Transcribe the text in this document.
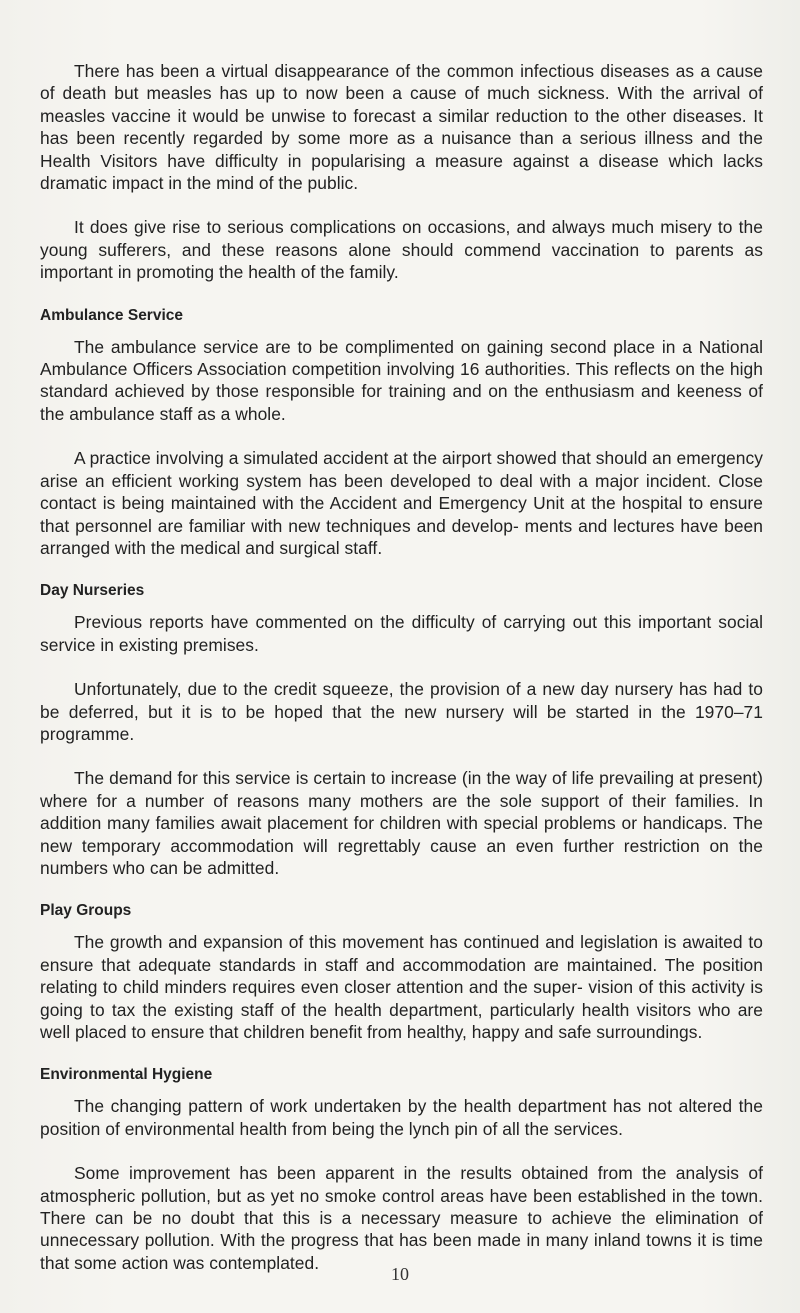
There has been a virtual disappearance of the common infectious diseases as a cause of death but measles has up to now been a cause of much sickness. With the arrival of measles vaccine it would be unwise to forecast a similar reduction to the other diseases. It has been recently regarded by some more as a nuisance than a serious illness and the Health Visitors have difficulty in popularising a measure against a disease which lacks dramatic impact in the mind of the public.

It does give rise to serious complications on occasions, and always much misery to the young sufferers, and these reasons alone should commend vaccination to parents as important in promoting the health of the family.

Ambulance Service

The ambulance service are to be complimented on gaining second place in a National Ambulance Officers Association competition involving 16 authorities. This reflects on the high standard achieved by those responsible for training and on the enthusiasm and keeness of the ambulance staff as a whole.

A practice involving a simulated accident at the airport showed that should an emergency arise an efficient working system has been developed to deal with a major incident. Close contact is being maintained with the Accident and Emergency Unit at the hospital to ensure that personnel are familiar with new techniques and develop- ments and lectures have been arranged with the medical and surgical staff.

Day Nurseries

Previous reports have commented on the difficulty of carrying out this important social service in existing premises.

Unfortunately, due to the credit squeeze, the provision of a new day nursery has had to be deferred, but it is to be hoped that the new nursery will be started in the 1970–71 programme.

The demand for this service is certain to increase (in the way of life prevailing at present) where for a number of reasons many mothers are the sole support of their families. In addition many families await placement for children with special problems or handicaps. The new temporary accommodation will regrettably cause an even further restriction on the numbers who can be admitted.

Play Groups

The growth and expansion of this movement has continued and legislation is awaited to ensure that adequate standards in staff and accommodation are maintained. The position relating to child minders requires even closer attention and the super- vision of this activity is going to tax the existing staff of the health department, particularly health visitors who are well placed to ensure that children benefit from healthy, happy and safe surroundings.

Environmental Hygiene

The changing pattern of work undertaken by the health department has not altered the position of environmental health from being the lynch pin of all the services.

Some improvement has been apparent in the results obtained from the analysis of atmospheric pollution, but as yet no smoke control areas have been established in the town. There can be no doubt that this is a necessary measure to achieve the elimination of unnecessary pollution. With the progress that has been made in many inland towns it is time that some action was contemplated.

10
